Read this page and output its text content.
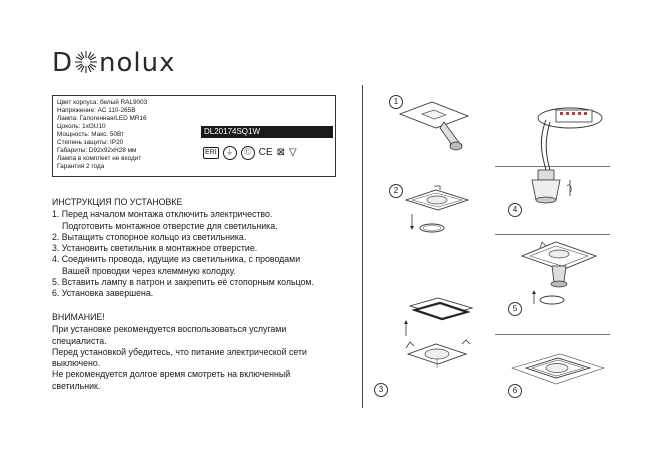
D nolux
Цвет корпуса: белый RAL9003
Напряжение: AC 110-265В
Лампа: Галогенная/LED MR16
Цоколь: 1xGU10
Мощность: Макс. 50Вт
Степень защиты: IP20
Габариты: D92x92xH28 мм
Лампа в комплект не входит
Гарантия 2 года
DL20174SQ1W
ERI	⏚	Ⓒ CE ⊠ ▽
ИНСТРУКЦИЯ ПО УСТАНОВКЕ

1. Перед началом монтажа отключить электричество.

Подготовить монтажное отверстие для светильника.

2. Вытащить стопорное кольцо из светильника.

3. Установить светильник в монтажное отверстие.

4. Соединить провода, идущие из светильника, с проводами

Вашей проводки через клеммную колодку.

5. Вставить лампу в патрон и закрепить её стопорным кольцом.

6. Установка завершена.

ВНИМАНИЕ!

При установке рекомендуется воспользоваться услугами

специалиста.

Перед установкой убедитесь, что питание электрической сети

выключено.

Не рекомендуется долгое время смотреть на включенный

светильник.

1
2
3
4
5
6
